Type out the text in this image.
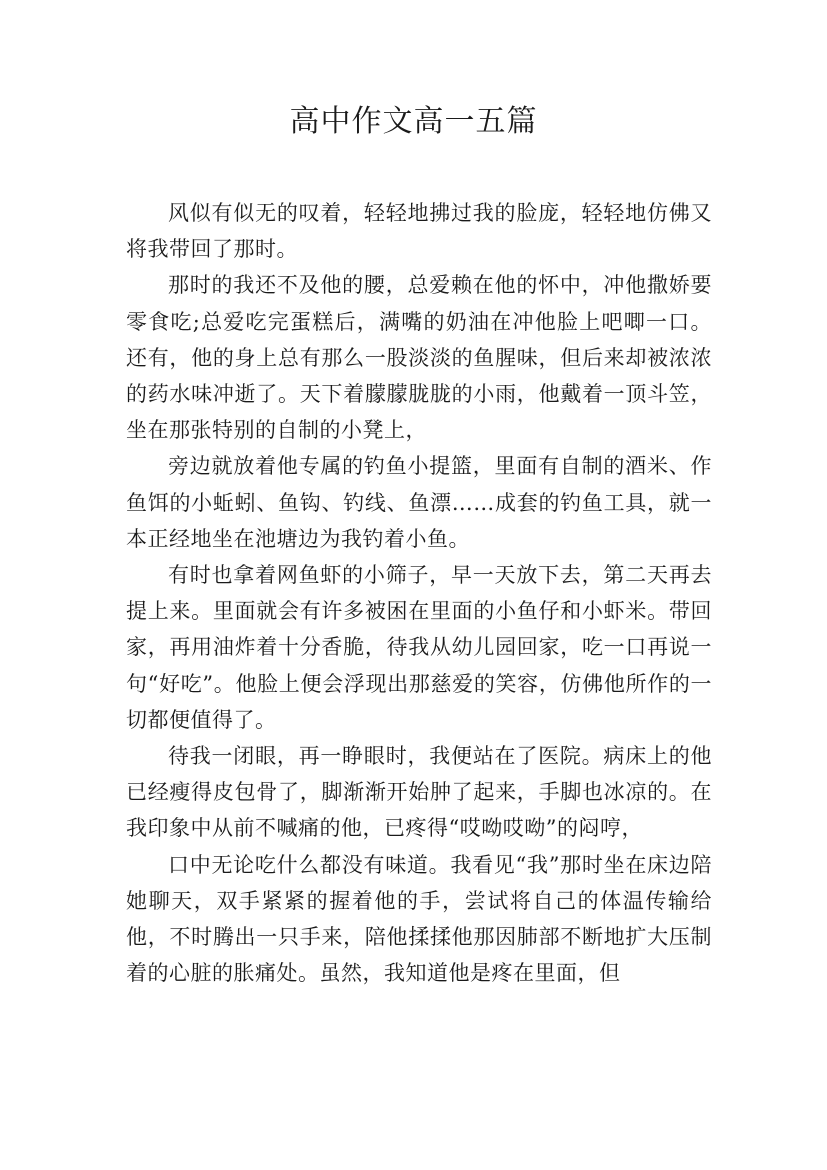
高中作文高一五篇

风似有似无的叹着，轻轻地拂过我的脸庞，轻轻地仿佛又将我带回了那时。

那时的我还不及他的腰，总爱赖在他的怀中，冲他撒娇要零食吃;总爱吃完蛋糕后，满嘴的奶油在冲他脸上吧唧一口。还有，他的身上总有那么一股淡淡的鱼腥味，但后来却被浓浓的药水味冲逝了。天下着朦朦胧胧的小雨，他戴着一顶斗笠，坐在那张特别的自制的小凳上，

旁边就放着他专属的钓鱼小提篮，里面有自制的酒米、作鱼饵的小蚯蚓、鱼钩、钓线、鱼漂……成套的钓鱼工具，就一本正经地坐在池塘边为我钓着小鱼。

有时也拿着网鱼虾的小筛子，早一天放下去，第二天再去提上来。里面就会有许多被困在里面的小鱼仔和小虾米。带回家，再用油炸着十分香脆，待我从幼儿园回家，吃一口再说一句“好吃”。他脸上便会浮现出那慈爱的笑容，仿佛他所作的一切都便值得了。

待我一闭眼，再一睁眼时，我便站在了医院。病床上的他已经瘦得皮包骨了，脚渐渐开始肿了起来，手脚也冰凉的。在我印象中从前不喊痛的他，已疼得“哎呦哎呦”的闷哼，

口中无论吃什么都没有味道。我看见“我”那时坐在床边陪她聊天，双手紧紧的握着他的手，尝试将自己的体温传输给他，不时腾出一只手来，陪他揉揉他那因肺部不断地扩大压制着的心脏的胀痛处。虽然，我知道他是疼在里面，但
